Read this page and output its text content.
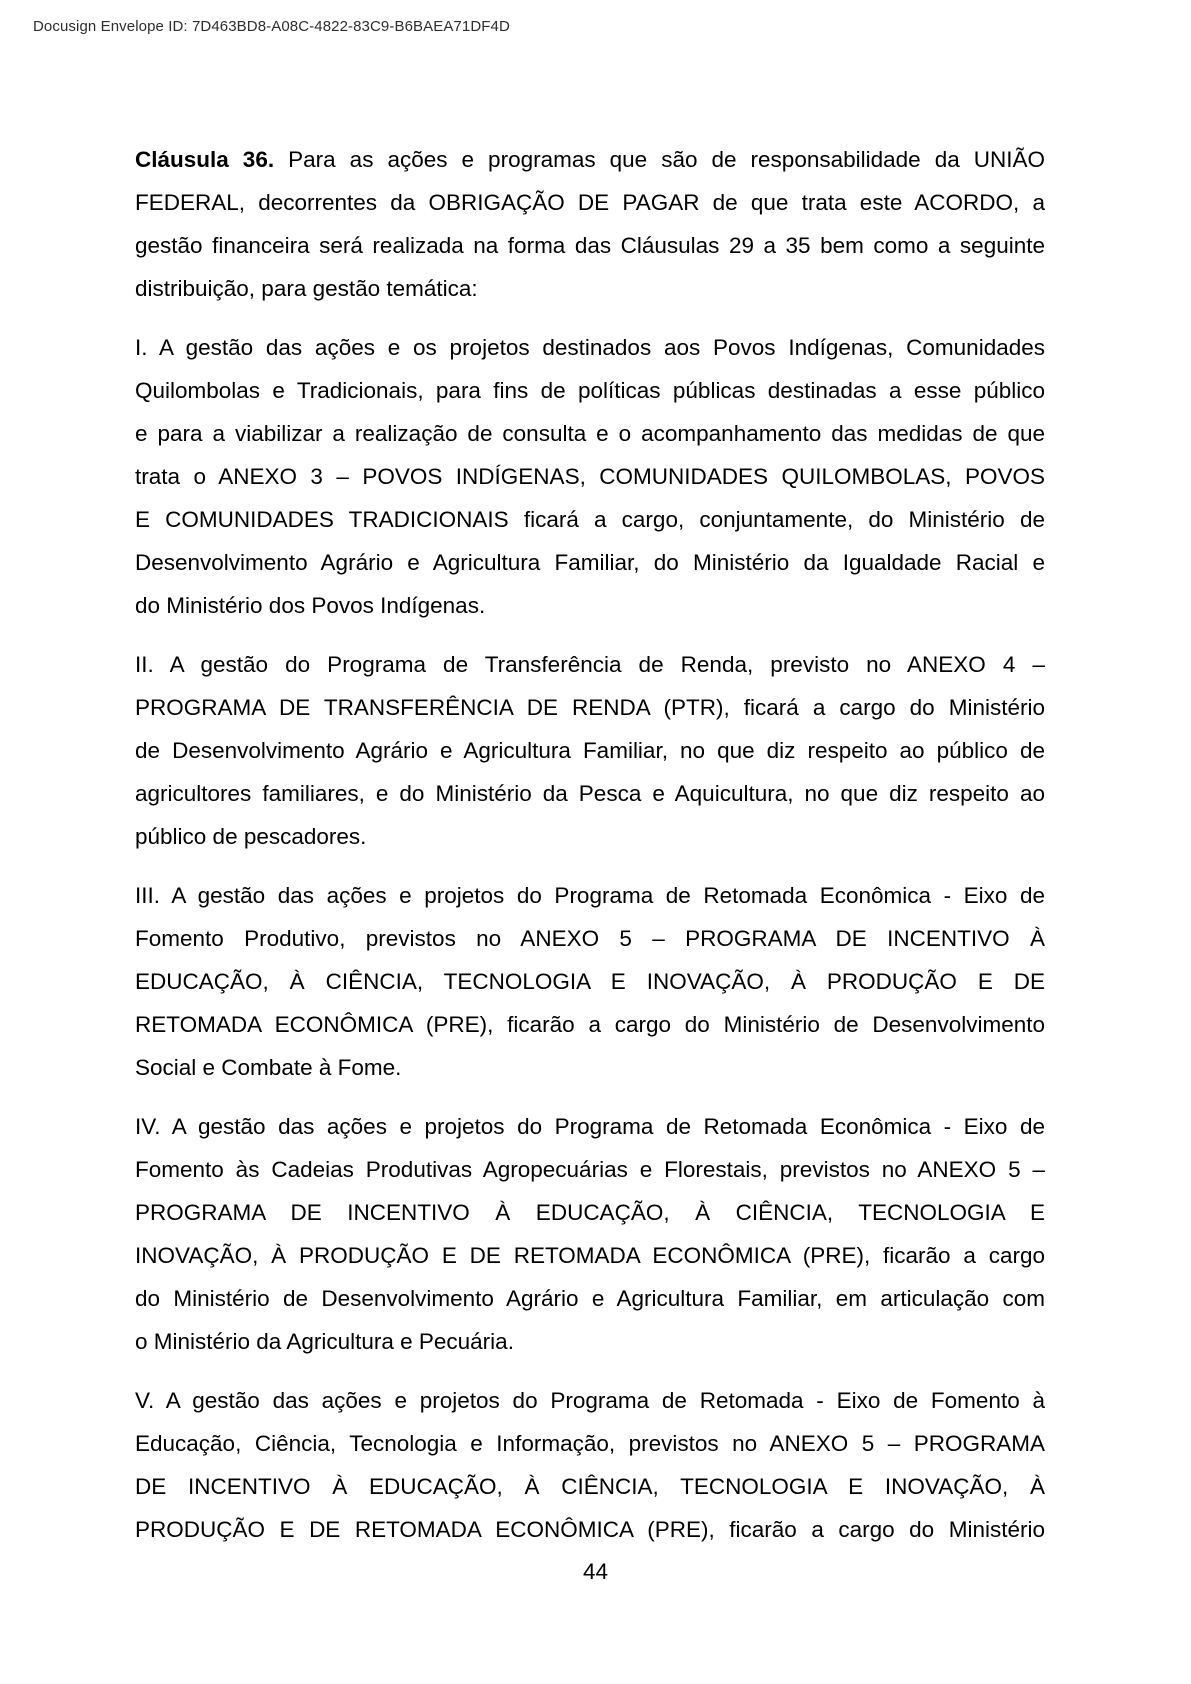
Docusign Envelope ID: 7D463BD8-A08C-4822-83C9-B6BAEA71DF4D
Cláusula 36. Para as ações e programas que são de responsabilidade da UNIÃO
FEDERAL, decorrentes da OBRIGAÇÃO DE PAGAR de que trata este ACORDO, a
gestão financeira será realizada na forma das Cláusulas 29 a 35 bem como a seguinte
distribuição, para gestão temática:
I. A gestão das ações e os projetos destinados aos Povos Indígenas, Comunidades
Quilombolas e Tradicionais, para fins de políticas públicas destinadas a esse público
e para a viabilizar a realização de consulta e o acompanhamento das medidas de que
trata o ANEXO 3 – POVOS INDÍGENAS, COMUNIDADES QUILOMBOLAS, POVOS
E COMUNIDADES TRADICIONAIS ficará a cargo, conjuntamente, do Ministério de
Desenvolvimento Agrário e Agricultura Familiar, do Ministério da Igualdade Racial e
do Ministério dos Povos Indígenas.
II. A gestão do Programa de Transferência de Renda, previsto no ANEXO 4 –
PROGRAMA DE TRANSFERÊNCIA DE RENDA (PTR), ficará a cargo do Ministério
de Desenvolvimento Agrário e Agricultura Familiar, no que diz respeito ao público de
agricultores familiares, e do Ministério da Pesca e Aquicultura, no que diz respeito ao
público de pescadores.
III. A gestão das ações e projetos do Programa de Retomada Econômica - Eixo de
Fomento Produtivo, previstos no ANEXO 5 – PROGRAMA DE INCENTIVO À
EDUCAÇÃO, À CIÊNCIA, TECNOLOGIA E INOVAÇÃO, À PRODUÇÃO E DE
RETOMADA ECONÔMICA (PRE), ficarão a cargo do Ministério de Desenvolvimento
Social e Combate à Fome.
IV. A gestão das ações e projetos do Programa de Retomada Econômica - Eixo de
Fomento às Cadeias Produtivas Agropecuárias e Florestais, previstos no ANEXO 5 –
PROGRAMA DE INCENTIVO À EDUCAÇÃO, À CIÊNCIA, TECNOLOGIA E
INOVAÇÃO, À PRODUÇÃO E DE RETOMADA ECONÔMICA (PRE), ficarão a cargo
do Ministério de Desenvolvimento Agrário e Agricultura Familiar, em articulação com
o Ministério da Agricultura e Pecuária.
V. A gestão das ações e projetos do Programa de Retomada - Eixo de Fomento à
Educação, Ciência, Tecnologia e Informação, previstos no ANEXO 5 – PROGRAMA
DE INCENTIVO À EDUCAÇÃO, À CIÊNCIA, TECNOLOGIA E INOVAÇÃO, À
PRODUÇÃO E DE RETOMADA ECONÔMICA (PRE), ficarão a cargo do Ministério
44
